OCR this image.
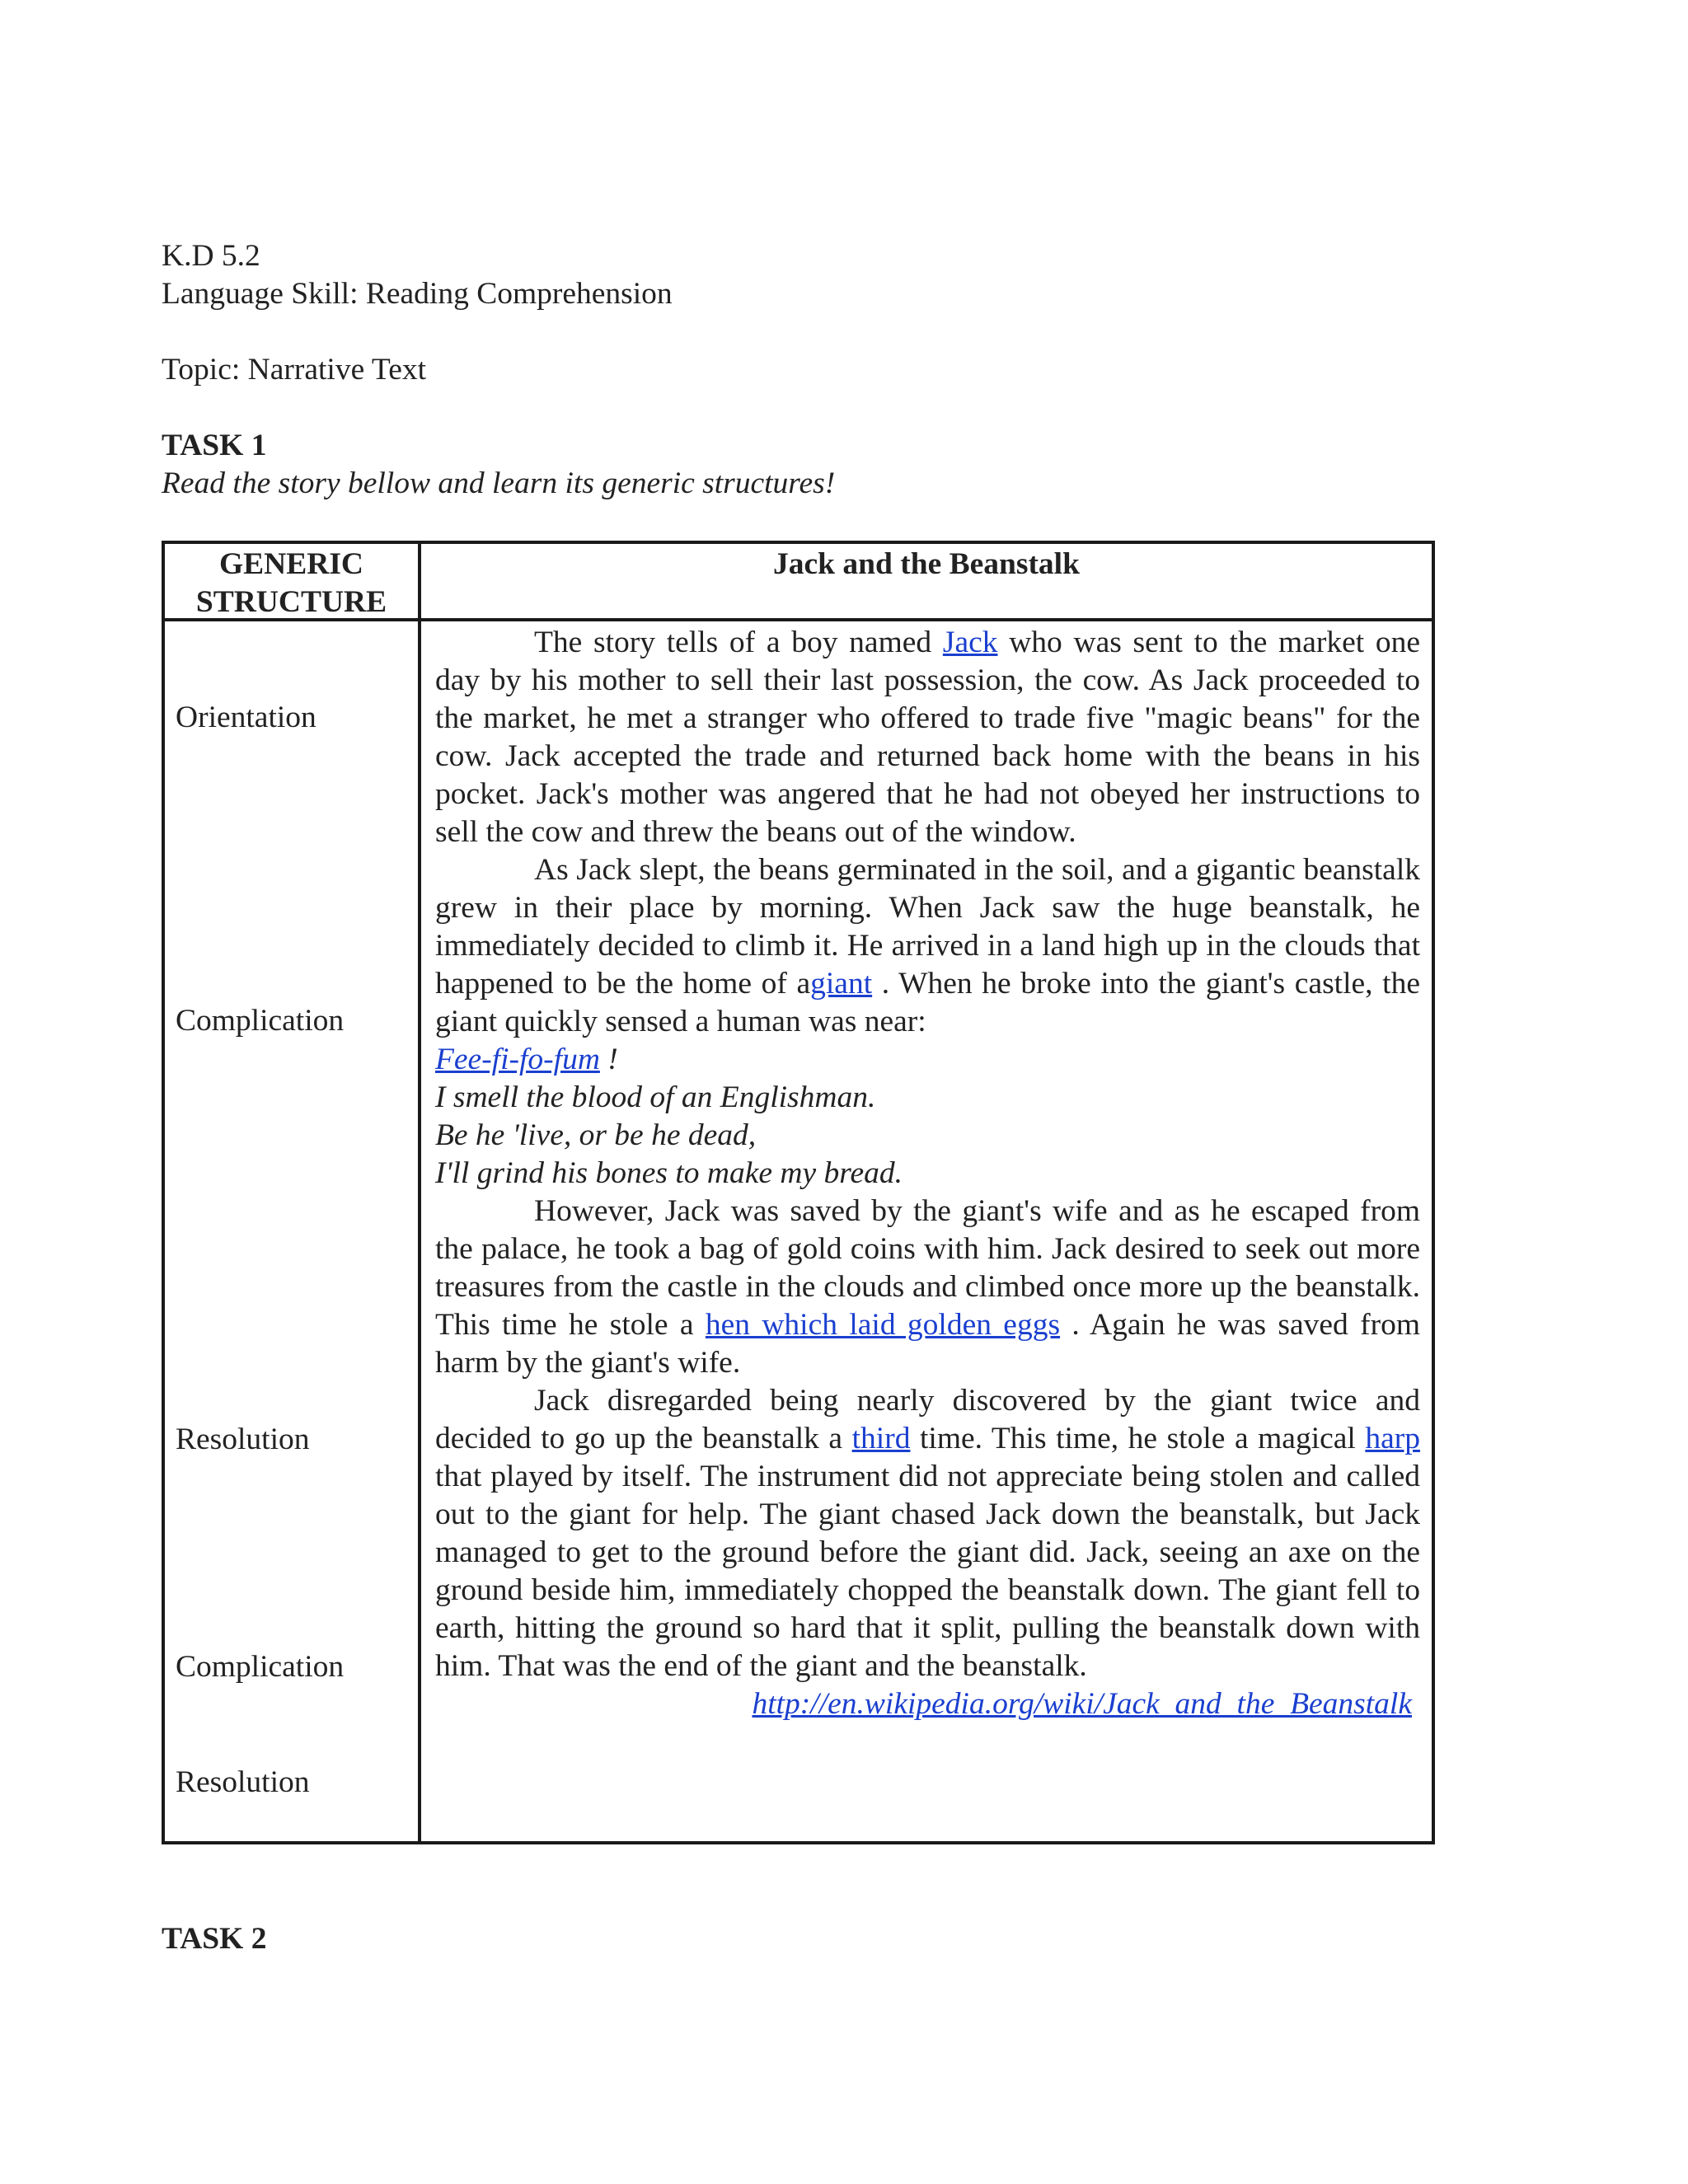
K.D 5.2
Language Skill: Reading Comprehension
Topic: Narrative Text
TASK 1
Read the story bellow and learn its generic structures!
GENERIC
STRUCTURE
Jack and the Beanstalk
Orientation
Complication
Resolution
Complication
Resolution

The story tells of a boy named Jack who was sent to the market one day by his mother to sell their last possession, the cow. As Jack proceeded to the market, he met a stranger who offered to trade five "magic beans" for the cow. Jack accepted the trade and returned back home with the beans in his pocket. Jack's mother was angered that he had not obeyed her instructions to sell the cow and threw the beans out of the window.

As Jack slept, the beans germinated in the soil, and a gigantic beanstalk grew in their place by morning. When Jack saw the huge beanstalk, he immediately decided to climb it. He arrived in a land high up in the clouds that happened to be the home of agiant . When he broke into the giant's castle, the giant quickly sensed a human was near:

Fee-fi-fo-fum !

I smell the blood of an Englishman.

Be he 'live, or be he dead,

I'll grind his bones to make my bread.

However, Jack was saved by the giant's wife and as he escaped from the palace, he took a bag of gold coins with him. Jack desired to seek out more treasures from the castle in the clouds and climbed once more up the beanstalk. This time he stole a hen which laid golden eggs . Again he was saved from harm by the giant's wife.

Jack disregarded being nearly discovered by the giant twice and decided to go up the beanstalk a third time. This time, he stole a magical harp that played by itself. The instrument did not appreciate being stolen and called out to the giant for help. The giant chased Jack down the beanstalk, but Jack managed to get to the ground before the giant did. Jack, seeing an axe on the ground beside him, immediately chopped the beanstalk down. The giant fell to earth, hitting the ground so hard that it split, pulling the beanstalk down with him. That was the end of the giant and the beanstalk.

http://en.wikipedia.org/wiki/Jack_and_the_Beanstalk

TASK 2
